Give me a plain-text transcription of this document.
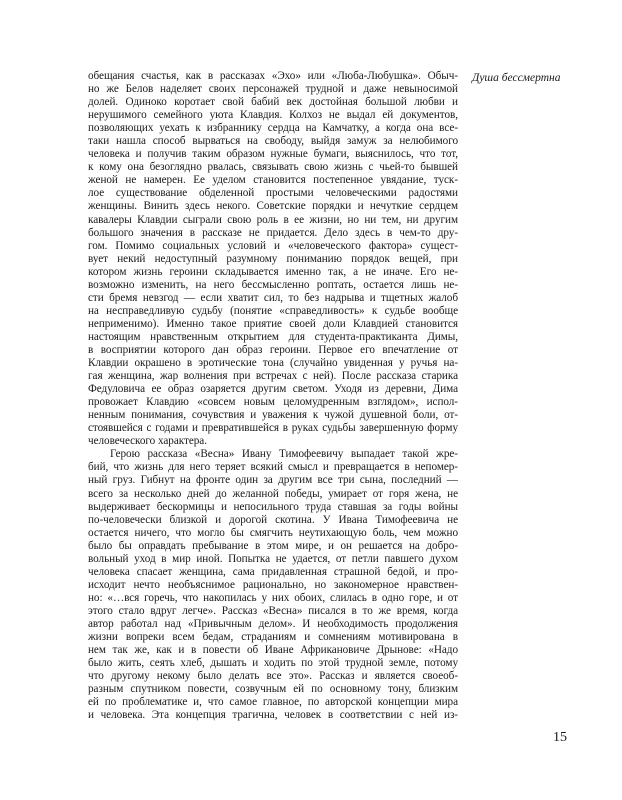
Душа бессмертна
обещания счастья, как в рассказах «Эхо» или «Люба-Любушка». Обыч-
но же Белов наделяет своих персонажей трудной и даже невыносимой
долей. Одиноко коротает свой бабий век достойная большой любви и
нерушимого семейного уюта Клавдия. Колхоз не выдал ей документов,
позволяющих уехать к избраннику сердца на Камчатку, а когда она все-
таки нашла способ вырваться на свободу, выйдя замуж за нелюбимого
человека и получив таким образом нужные бумаги, выяснилось, что тот,
к кому она безоглядно рвалась, связывать свою жизнь с чьей-то бывшей
женой не намерен. Ее уделом становится постепенное увядание, туск-
лое существование обделенной простыми человеческими радостями
женщины. Винить здесь некого. Советские порядки и нечуткие сердцем
кавалеры Клавдии сыграли свою роль в ее жизни, но ни тем, ни другим
большого значения в рассказе не придается. Дело здесь в чем-то дру-
гом. Помимо социальных условий и «человеческого фактора» сущест-
вует некий недоступный разумному пониманию порядок вещей, при
котором жизнь героини складывается именно так, а не иначе. Его не-
возможно изменить, на него бессмысленно роптать, остается лишь не-
сти бремя невзгод — если хватит сил, то без надрыва и тщетных жалоб
на несправедливую судьбу (понятие «справедливость» к судьбе вообще
неприменимо). Именно такое приятие своей доли Клавдией становится
настоящим нравственным открытием для студента-практиканта Димы,
в восприятии которого дан образ героини. Первое его впечатление от
Клавдии окрашено в эротические тона (случайно увиденная у ручья на-
гая женщина, жар волнения при встречах с ней). После рассказа старика
Федуловича ее образ озаряется другим светом. Уходя из деревни, Дима
провожает Клавдию «совсем новым целомудренным взглядом», испол-
ненным понимания, сочувствия и уважения к чужой душевной боли, от-
стоявшейся с годами и превратившейся в руках судьбы завершенную форму
человеческого характера.
Герою рассказа «Весна» Ивану Тимофеевичу выпадает такой жре-
бий, что жизнь для него теряет всякий смысл и превращается в непомер-
ный груз. Гибнут на фронте один за другим все три сына, последний —
всего за несколько дней до желанной победы, умирает от горя жена, не
выдерживает бескормицы и непосильного труда ставшая за годы войны
по-человечески близкой и дорогой скотина. У Ивана Тимофеевича не
остается ничего, что могло бы смягчить неутихающую боль, чем можно
было бы оправдать пребывание в этом мире, и он решается на добро-
вольный уход в мир иной. Попытка не удается, от петли павшего духом
человека спасает женщина, сама придавленная страшной бедой, и про-
исходит нечто необъяснимое рационально, но закономерное нравствен-
но: «…вся горечь, что накопилась у них обоих, слилась в одно горе, и от
этого стало вдруг легче». Рассказ «Весна» писался в то же время, когда
автор работал над «Привычным делом». И необходимость продолжения
жизни вопреки всем бедам, страданиям и сомнениям мотивирована в
нем так же, как и в повести об Иване Африкановиче Дрынове: «Надо
было жить, сеять хлеб, дышать и ходить по этой трудной земле, потому
что другому некому было делать все это». Рассказ и является своеоб-
разным спутником повести, созвучным ей по основному тону, близким
ей по проблематике и, что самое главное, по авторской концепции мира
и человека. Эта концепция трагична, человек в соответствии с ней из-
15
